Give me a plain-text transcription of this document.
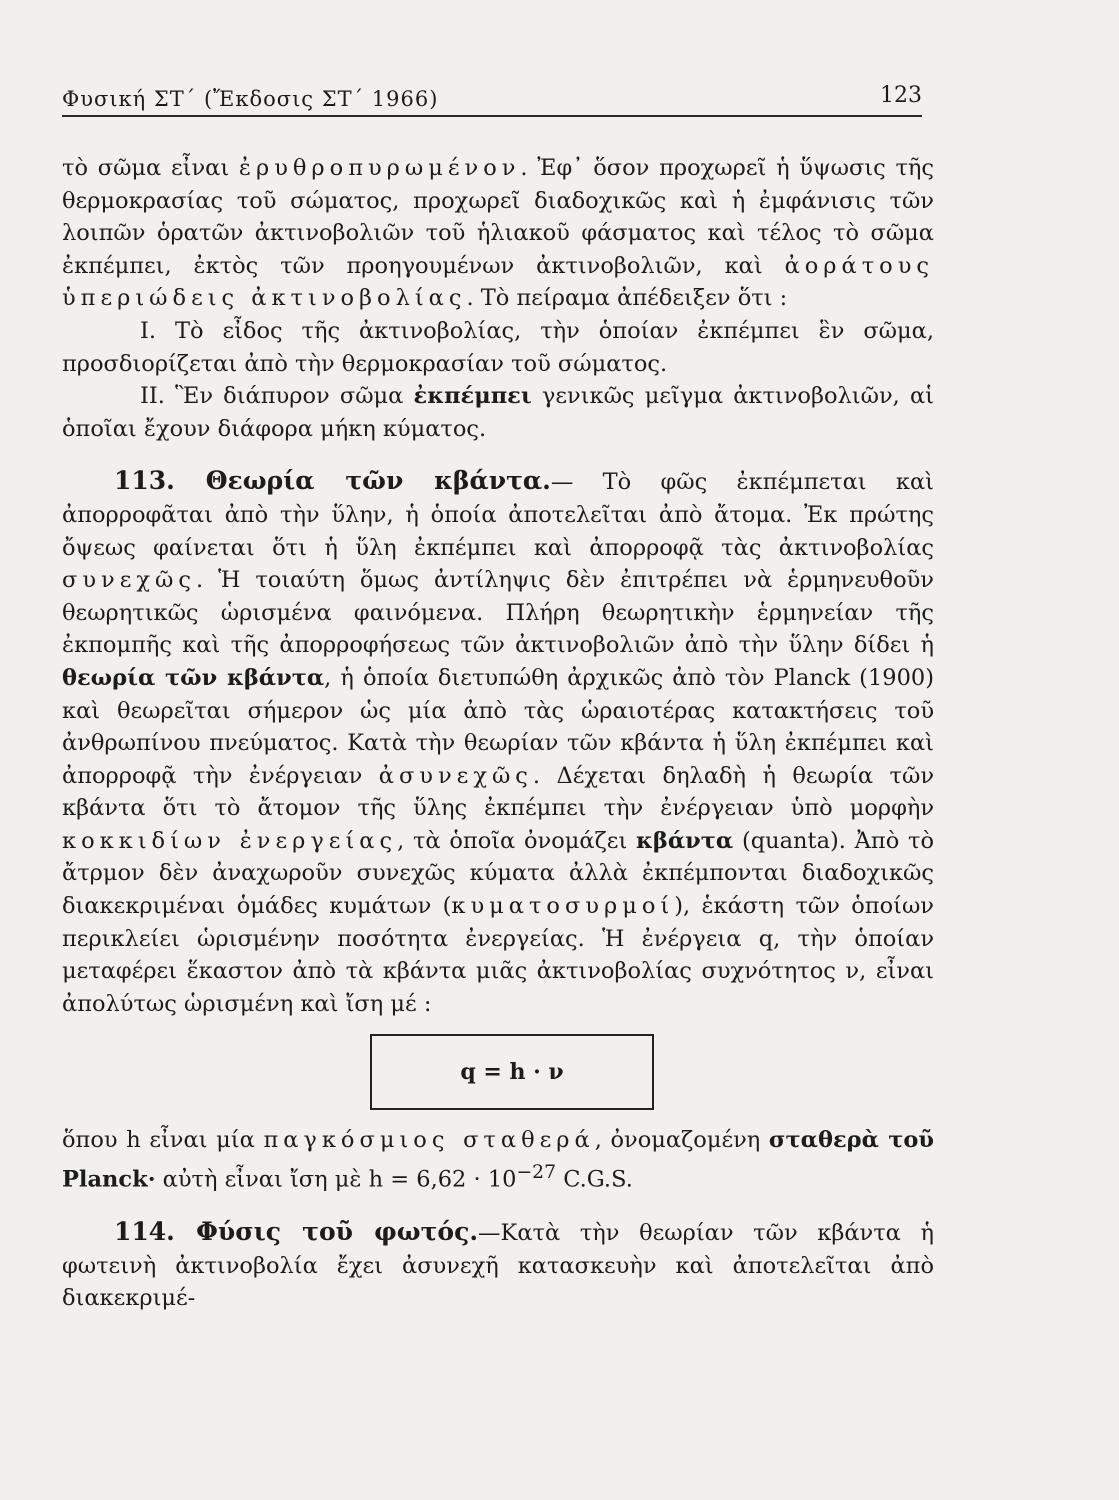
Φυσική ΣΤ΄ (Ἔκδοσις ΣΤ΄ 1966)	123

τὸ σῶμα εἶναι ἐρυθροπυρωμένον. Ἐφ᾽ ὅσον προχωρεῖ ἡ ὕψωσις τῆς θερμοκρασίας τοῦ σώματος, προχωρεῖ διαδοχικῶς καὶ ἡ ἐμφάνισις τῶν λοιπῶν ὁρατῶν ἀκτινοβολιῶν τοῦ ἡλιακοῦ φάσματος καὶ τέλος τὸ σῶμα ἐκπέμπει, ἐκτὸς τῶν προηγουμένων ἀκτινοβολιῶν, καὶ ἀοράτους ὑπεριώδεις ἀκτινοβολίας. Τὸ πείραμα ἀπέδειξεν ὅτι :

I. Τὸ εἶδος τῆς ἀκτινοβολίας, τὴν ὁποίαν ἐκπέμπει ἓν σῶμα, προσδιορίζεται ἀπὸ τὴν θερμοκρασίαν τοῦ σώματος.

II. Ἓν διάπυρον σῶμα ἐκπέμπει γενικῶς μεῖγμα ἀκτινοβολιῶν, αἱ ὁποῖαι ἔχουν διάφορα μήκη κύματος.

113. Θεωρία τῶν κβάντα.— Τὸ φῶς ἐκπέμπεται καὶ ἀπορροφᾶται ἀπὸ τὴν ὕλην, ἡ ὁποία ἀποτελεῖται ἀπὸ ἄτομα. Ἐκ πρώτης ὄψεως φαίνεται ὅτι ἡ ὕλη ἐκπέμπει καὶ ἀπορροφᾷ τὰς ἀκτινοβολίας συνεχῶς. Ἡ τοιαύτη ὅμως ἀντίληψις δὲν ἐπιτρέπει νὰ ἑρμηνευθοῦν θεωρητικῶς ὡρισμένα φαινόμενα. Πλήρη θεωρητικὴν ἑρμηνείαν τῆς ἐκπομπῆς καὶ τῆς ἀπορροφήσεως τῶν ἀκτινοβολιῶν ἀπὸ τὴν ὕλην δίδει ἡ θεωρία τῶν κβάντα, ἡ ὁποία διετυπώθη ἀρχικῶς ἀπὸ τὸν Planck (1900) καὶ θεωρεῖται σήμερον ὡς μία ἀπὸ τὰς ὡραιοτέρας κατακτήσεις τοῦ ἀνθρωπίνου πνεύματος. Κατὰ τὴν θεωρίαν τῶν κβάντα ἡ ὕλη ἐκπέμπει καὶ ἀπορροφᾷ τὴν ἐνέργειαν ἀσυνεχῶς. Δέχεται δηλαδὴ ἡ θεωρία τῶν κβάντα ὅτι τὸ ἄτομον τῆς ὕλης ἐκπέμπει τὴν ἐνέργειαν ὑπὸ μορφὴν κοκκιδίων ἐνεργείας, τὰ ὁποῖα ὀνομάζει κβάντα (quanta). Ἀπὸ τὸ ἄτρμον δὲν ἀναχωροῦν συνεχῶς κύματα ἀλλὰ ἐκπέμπονται διαδοχικῶς διακεκριμέναι ὁμάδες κυμάτων (κυματοσυρμοί), ἑκάστη τῶν ὁποίων περικλείει ὡρισμένην ποσότητα ἐνεργείας. Ἡ ἐνέργεια q, τὴν ὁποίαν μεταφέρει ἕκαστον ἀπὸ τὰ κβάντα μιᾶς ἀκτινοβολίας συχνότητος ν, εἶναι ἀπολύτως ὡρισμένη καὶ ἴση μέ :

q = h · ν

ὅπου h εἶναι μία παγκόσμιος σταθερά, ὀνομαζομένη σταθερὰ τοῦ Planck· αὐτὴ εἶναι ἴση μὲ $h = 6,62 \cdot 10^{-27}$ C.G.S.

114. Φύσις τοῦ φωτός.—Κατὰ τὴν θεωρίαν τῶν κβάντα ἡ φωτεινὴ ἀκτινοβολία ἔχει ἀσυνεχῆ κατασκευὴν καὶ ἀποτελεῖται ἀπὸ διακεκριμέ-
